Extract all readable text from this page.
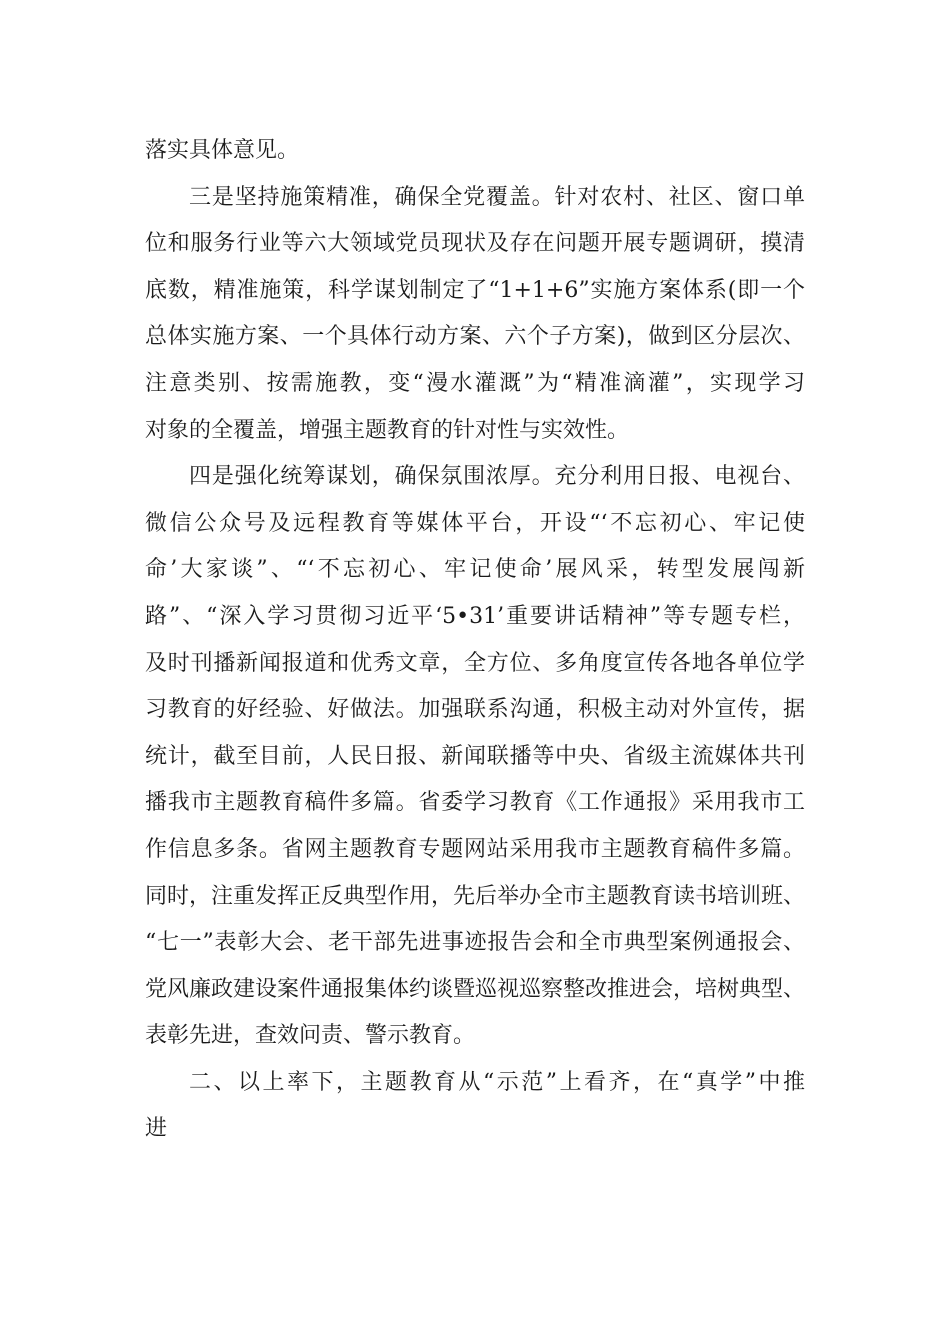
落实具体意见。
三是坚持施策精准，确保全党覆盖。针对农村、社区、窗口单
位和服务行业等六大领域党员现状及存在问题开展专题调研，摸清
底数，精准施策，科学谋划制定了“1+1+6”实施方案体系(即一个
总体实施方案、一个具体行动方案、六个子方案)，做到区分层次、
注意类别、按需施教，变“漫水灌溉”为“精准滴灌”，实现学习
对象的全覆盖，增强主题教育的针对性与实效性。
四是强化统筹谋划，确保氛围浓厚。充分利用日报、电视台、
微信公众号及远程教育等媒体平台，开设“‘不忘初心、牢记使
命’大家谈”、“‘不忘初心、牢记使命’展风采，转型发展闯新
路”、“深入学习贯彻习近平‘5•31’重要讲话精神”等专题专栏，
及时刊播新闻报道和优秀文章，全方位、多角度宣传各地各单位学
习教育的好经验、好做法。加强联系沟通，积极主动对外宣传，据
统计，截至目前，人民日报、新闻联播等中央、省级主流媒体共刊
播我市主题教育稿件多篇。省委学习教育《工作通报》采用我市工
作信息多条。省网主题教育专题网站采用我市主题教育稿件多篇。
同时，注重发挥正反典型作用，先后举办全市主题教育读书培训班、
“七一”表彰大会、老干部先进事迹报告会和全市典型案例通报会、
党风廉政建设案件通报集体约谈暨巡视巡察整改推进会，培树典型、
表彰先进，查效问责、警示教育。
二、以上率下，主题教育从“示范”上看齐，在“真学”中推
进
